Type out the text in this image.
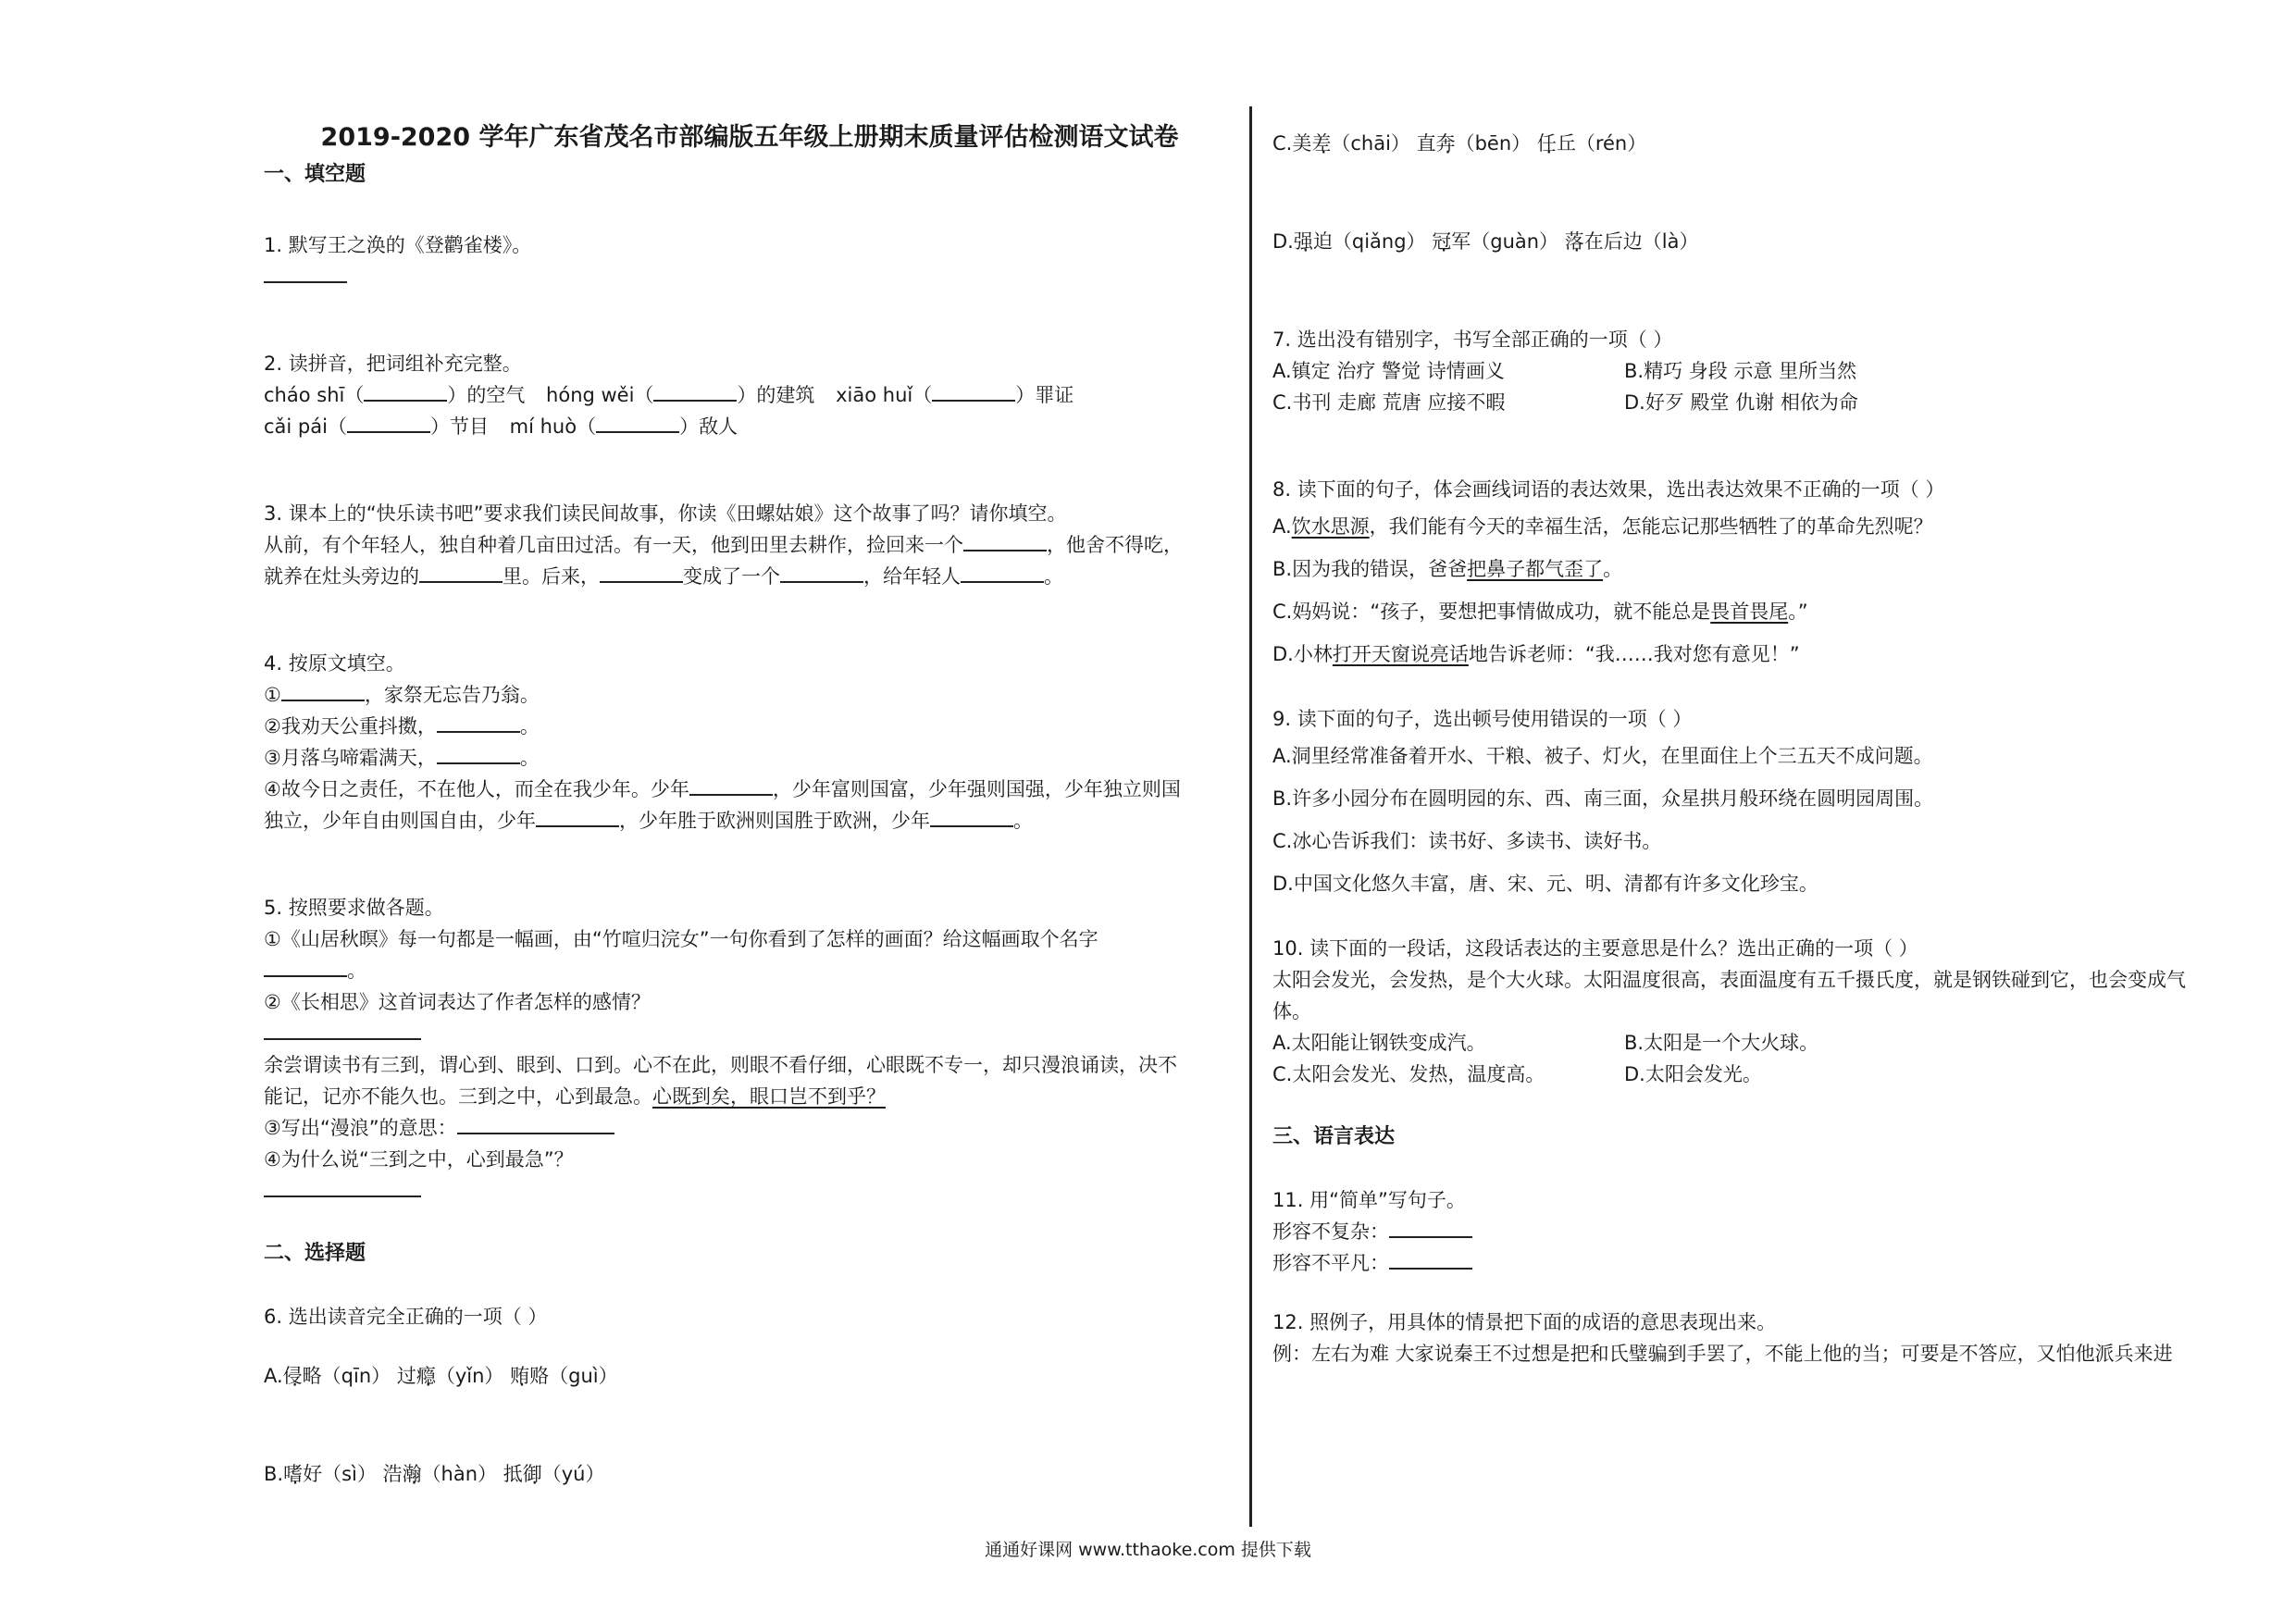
2019-2020 学年广东省茂名市部编版五年级上册期末质量评估检测语文试卷
一、填空题
1. 默写王之涣的《登鹳雀楼》。
2. 读拼音，把词组补充完整。
cháo shī（	）的空气 hóng wěi（	）的建筑 xiāo huǐ（	）罪证
cǎi pái（	）节目 mí huò（	）敌人
3. 课本上的“快乐读书吧”要求我们读民间故事，你读《田螺姑娘》这个故事了吗？请你填空。
从前，有个年轻人，独自种着几亩田过活。有一天，他到田里去耕作，捡回来一个	，他舍不得吃，
就养在灶头旁边的	里。后来，	变成了一个	，给年轻人	。
4. 按原文填空。
①	，家祭无忘告乃翁。
②我劝天公重抖擞，	。
③月落乌啼霜满天，	。
④故今日之责任，不在他人，而全在我少年。少年	，少年富则国富，少年强则国强，少年独立则国
独立，少年自由则国自由，少年	，少年胜于欧洲则国胜于欧洲，少年	。
5. 按照要求做各题。
①《山居秋暝》每一句都是一幅画，由“竹喧归浣女”一句你看到了怎样的画面？给这幅画取个名字
。
②《长相思》这首词表达了作者怎样的感情？
余尝谓读书有三到，谓心到、眼到、口到。心不在此，则眼不看仔细，心眼既不专一，却只漫浪诵读，决不
能记，记亦不能久也。三到之中，心到最急。心既到矣，眼口岂不到乎？
③写出“漫浪”的意思：
④为什么说“三到之中，心到最急”？
二、选择题
6. 选出读音完全正确的一项（ ）
A.侵略（qīn） 过瘾（yǐn） 贿赂（guì）
B.嗜好（sì） 浩瀚（hàn） 抵御（yú）
C.美差（chāi） 直奔（bēn） 任丘（rén）
D.强迫（qiǎng） 冠军（guàn） 落在后边（là）
7. 选出没有错别字，书写全部正确的一项（ ）
A.镇定 治疗 警觉 诗情画义	B.精巧 身段 示意 里所当然
C.书刊 走廊 荒唐 应接不暇	D.好歹 殿堂 仇谢 相依为命
8. 读下面的句子，体会画线词语的表达效果，选出表达效果不正确的一项（ ）
A.饮水思源，我们能有今天的幸福生活，怎能忘记那些牺牲了的革命先烈呢？
B.因为我的错误，爸爸把鼻子都气歪了。
C.妈妈说：“孩子，要想把事情做成功，就不能总是畏首畏尾。”
D.小林打开天窗说亮话地告诉老师：“我……我对您有意见！”
9. 读下面的句子，选出顿号使用错误的一项（ ）
A.洞里经常准备着开水、干粮、被子、灯火，在里面住上个三五天不成问题。
B.许多小园分布在圆明园的东、西、南三面，众星拱月般环绕在圆明园周围。
C.冰心告诉我们：读书好、多读书、读好书。
D.中国文化悠久丰富，唐、宋、元、明、清都有许多文化珍宝。
10. 读下面的一段话，这段话表达的主要意思是什么？选出正确的一项（ ）
太阳会发光，会发热，是个大火球。太阳温度很高，表面温度有五千摄氏度，就是钢铁碰到它，也会变成气
体。
A.太阳能让钢铁变成汽。	B.太阳是一个大火球。
C.太阳会发光、发热，温度高。	D.太阳会发光。
三、语言表达
11. 用“简单”写句子。
形容不复杂：
形容不平凡：
12. 照例子，用具体的情景把下面的成语的意思表现出来。
例：左右为难 大家说秦王不过想是把和氏璧骗到手罢了，不能上他的当；可要是不答应，又怕他派兵来进
通通好课网 www.tthaoke.com 提供下载
